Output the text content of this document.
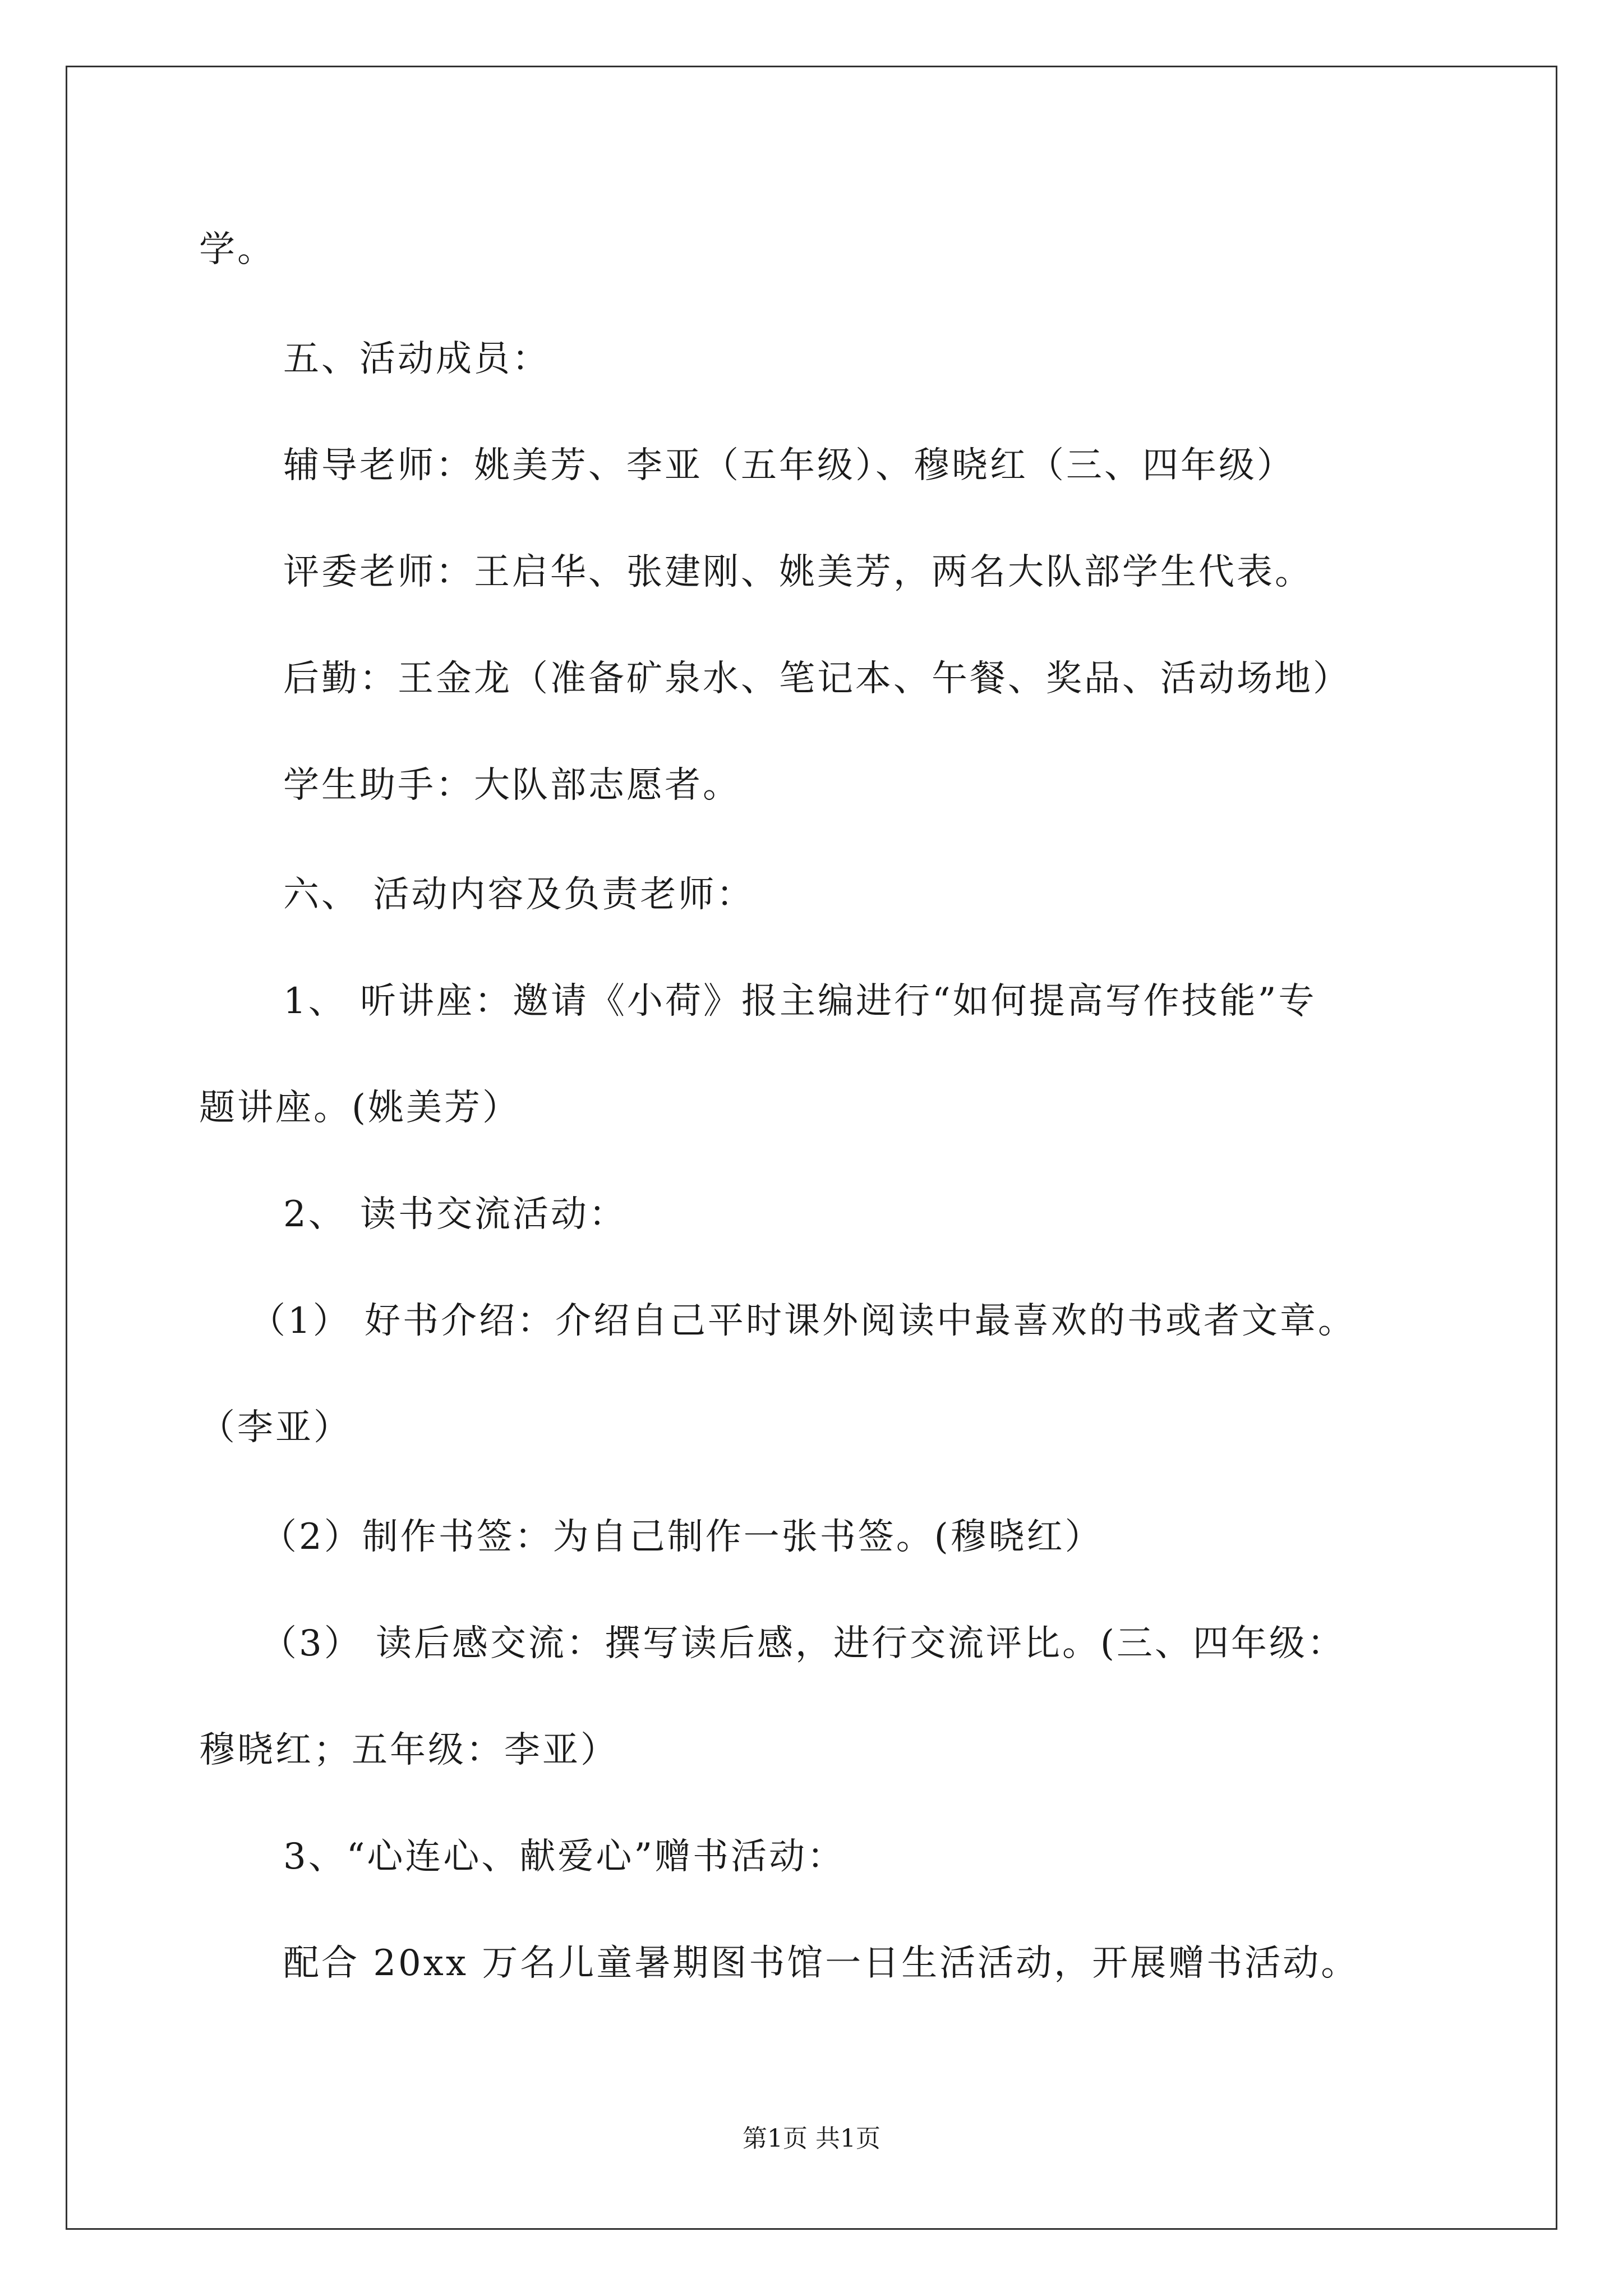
学。
五、活动成员：
辅导老师：姚美芳、李亚（五年级）、穆晓红（三、四年级）
评委老师：王启华、张建刚、姚美芳，两名大队部学生代表。
后勤：王金龙（准备矿泉水、笔记本、午餐、奖品、活动场地）
学生助手：大队部志愿者。
六、 活动内容及负责老师：
1、 听讲座：邀请《小荷》报主编进行“如何提高写作技能”专
题讲座。(姚美芳）
2、 读书交流活动：
（1） 好书介绍：介绍自己平时课外阅读中最喜欢的书或者文章。
（李亚）
（2）制作书签：为自己制作一张书签。(穆晓红）
（3） 读后感交流：撰写读后感，进行交流评比。(三、四年级：
穆晓红；五年级：李亚）
3、“心连心、献爱心”赠书活动：
配合 20xx 万名儿童暑期图书馆一日生活活动，开展赠书活动。
第1页 共1页
